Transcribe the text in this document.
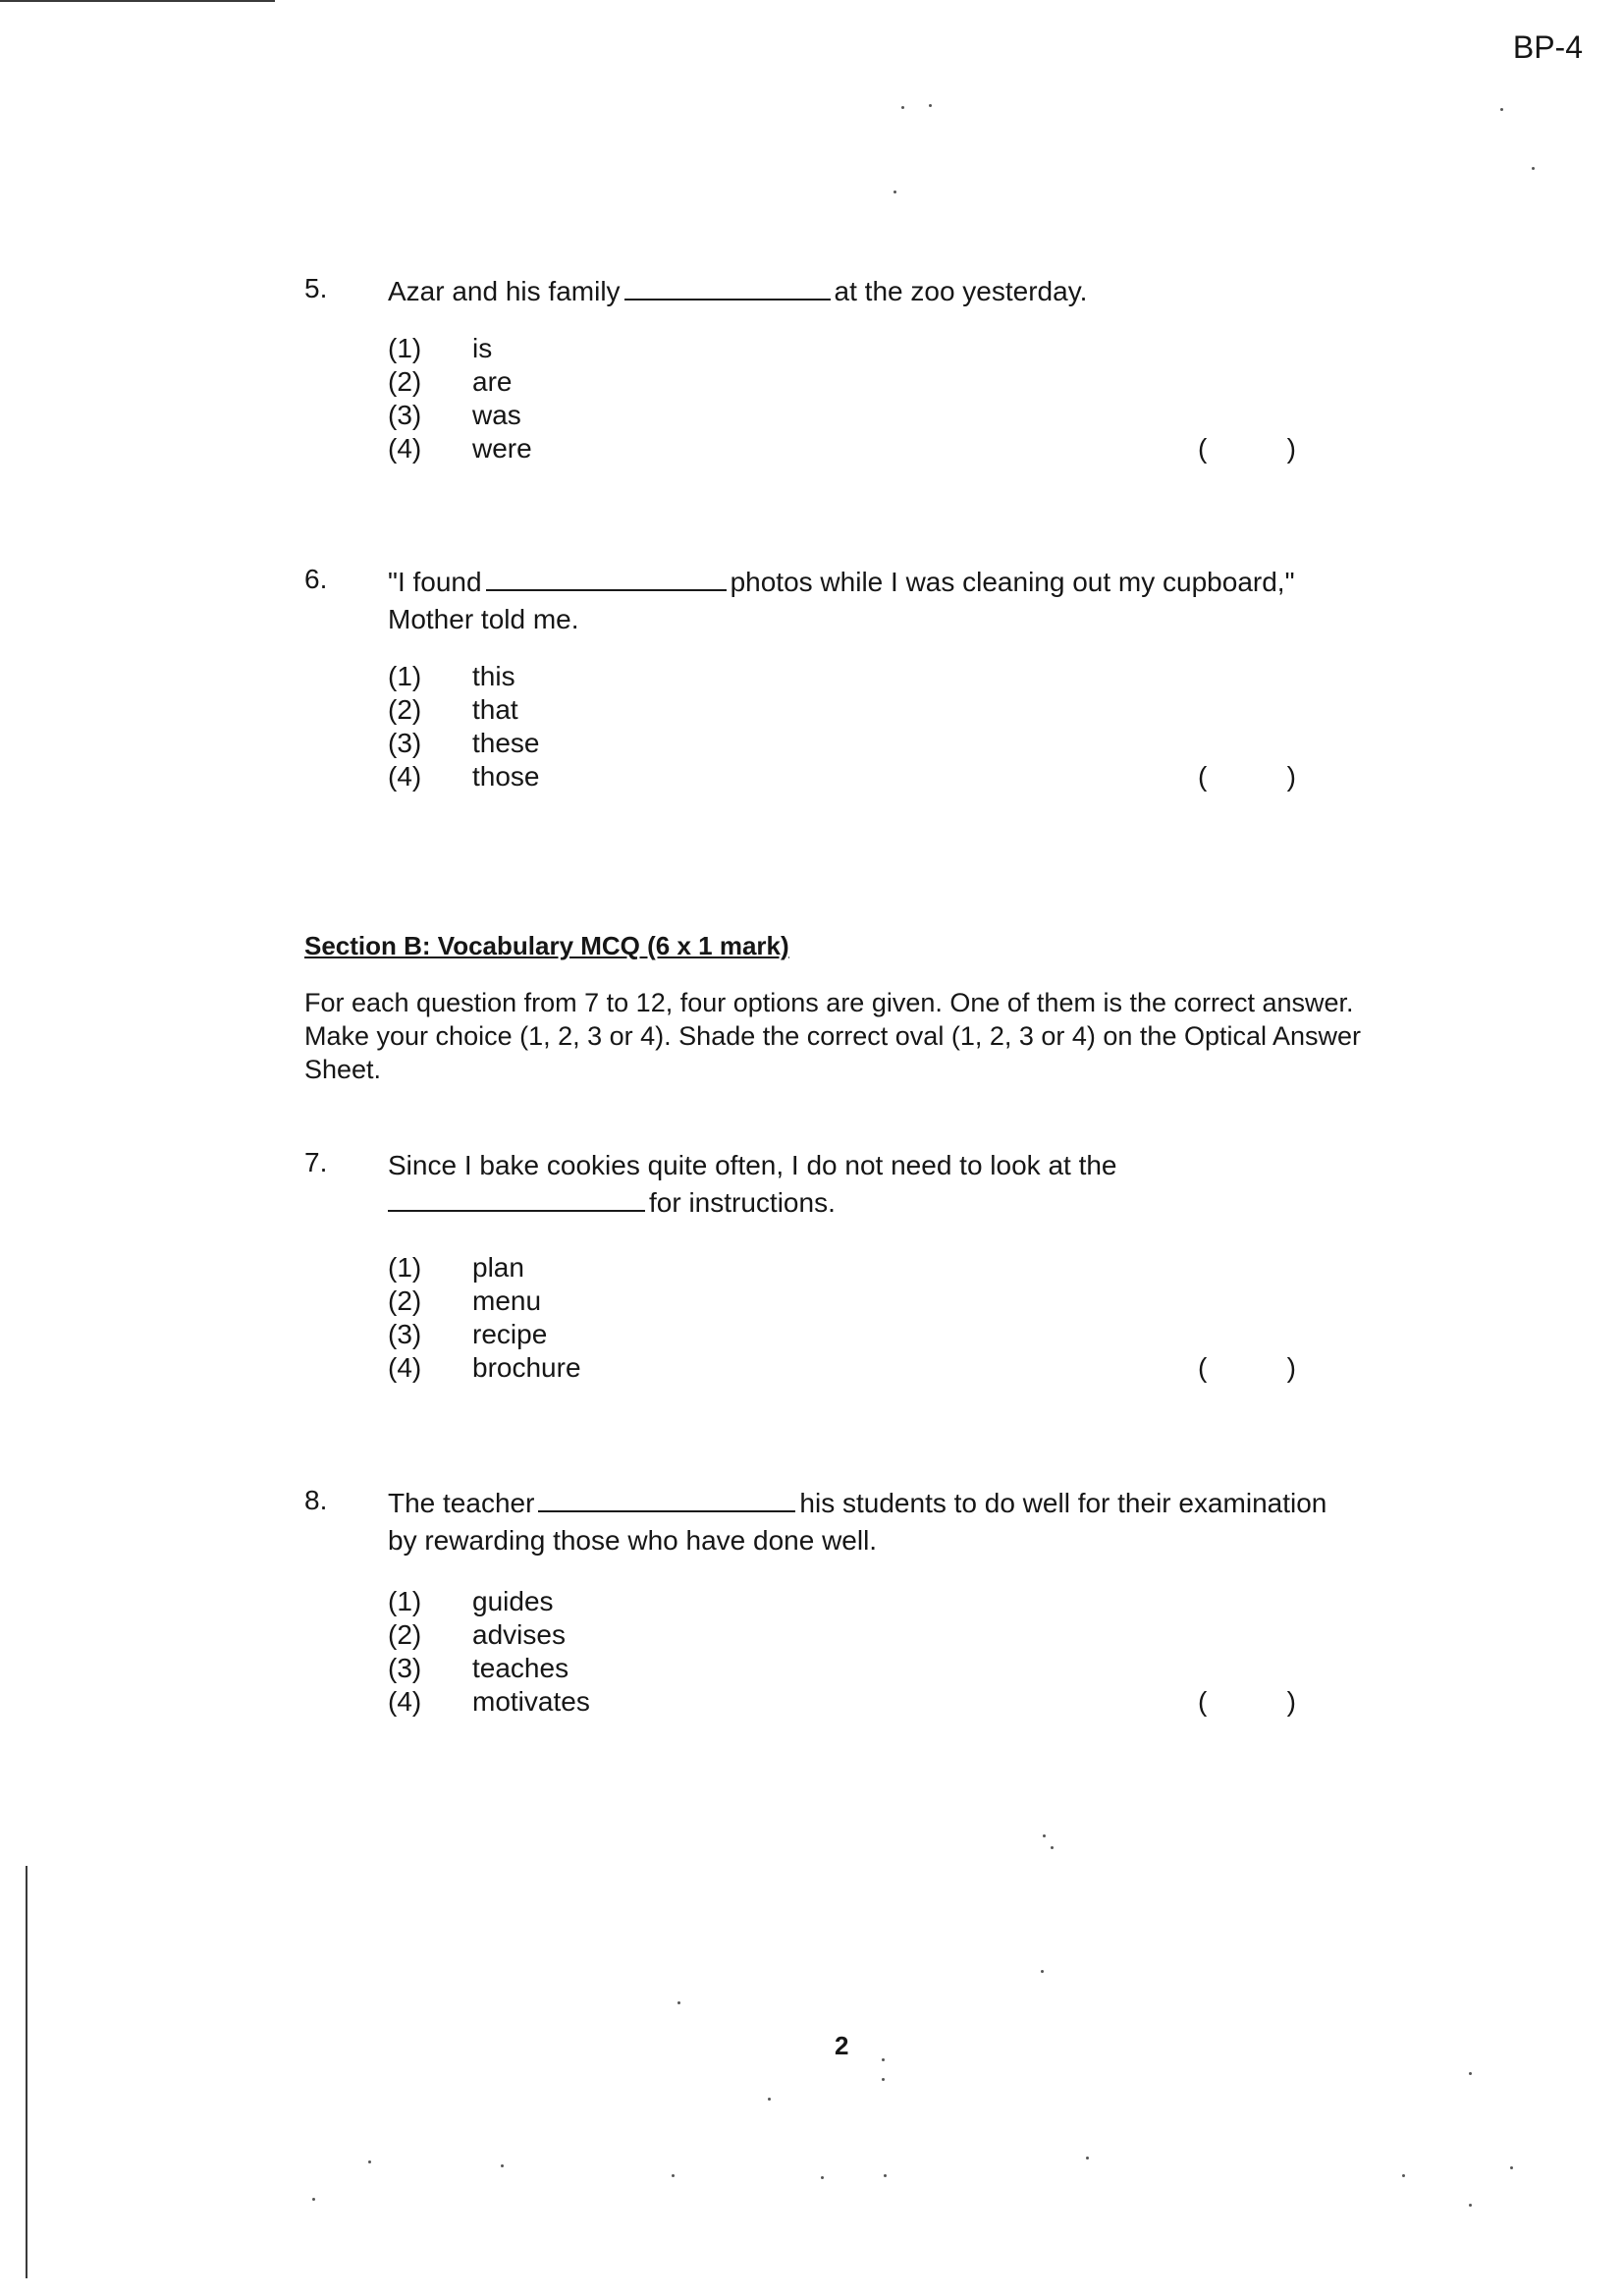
BP-4
5.	Azar and his family	at the zoo yesterday.
(1)	is
(2)	are
(3)	was
(4)	were	(	)
6.	"I found	photos while I was cleaning out my cupboard,"
Mother told me.
(1)	this
(2)	that
(3)	these
(4)	those	(	)
Section B: Vocabulary MCQ (6 x 1 mark)
For each question from 7 to 12, four options are given. One of them is the correct answer. Make your choice (1, 2, 3 or 4). Shade the correct oval (1, 2, 3 or 4) on the Optical Answer Sheet.
7.	Since I bake cookies quite often, I do not need to look at the
for instructions.
(1)	plan
(2)	menu
(3)	recipe
(4)	brochure	(	)
8.	The teacher	his students to do well for their examination
by rewarding those who have done well.
(1)	guides
(2)	advises
(3)	teaches
(4)	motivates	(	)
2
